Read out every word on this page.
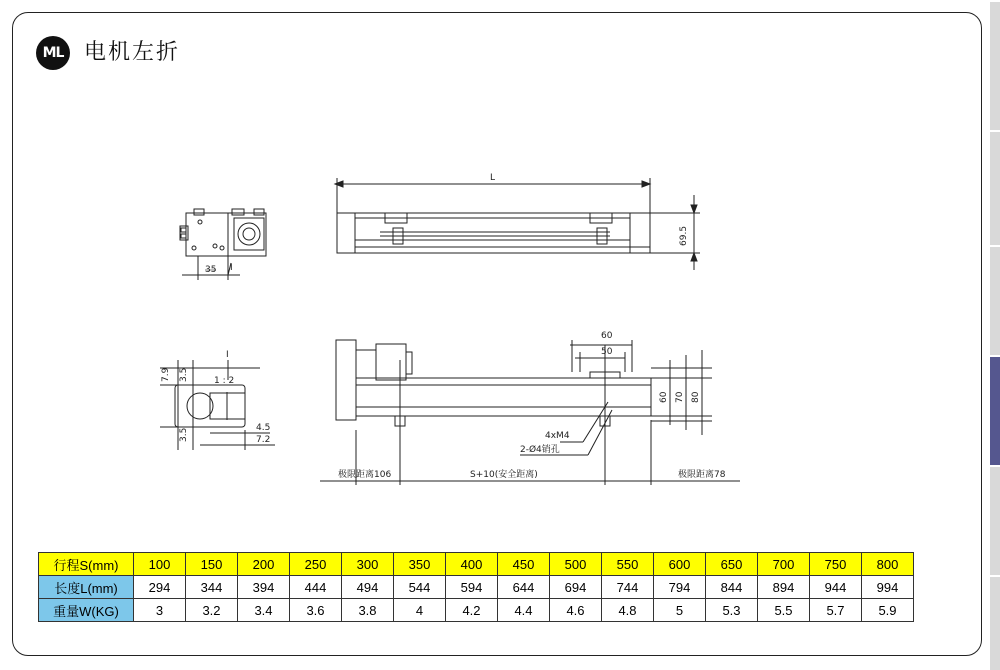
ML 电机左折
35 I
L
69.5
I
1 : 2
7.9 3.5
3.5	4.5
7.2
60
50
60 70 80
4xM4
2-Ø4销孔
极限距离106	S+10(安全距离)	极限距离78
行程S(mm)	100	150	200	250	300	350	400	450	500	550	600	650	700	750	800
长度L(mm)	294	344	394	444	494	544	594	644	694	744	794	844	894	944	994
重量W(KG)	3	3.2	3.4	3.6	3.8	4	4.2	4.4	4.6	4.8	5	5.3	5.5	5.7	5.9
